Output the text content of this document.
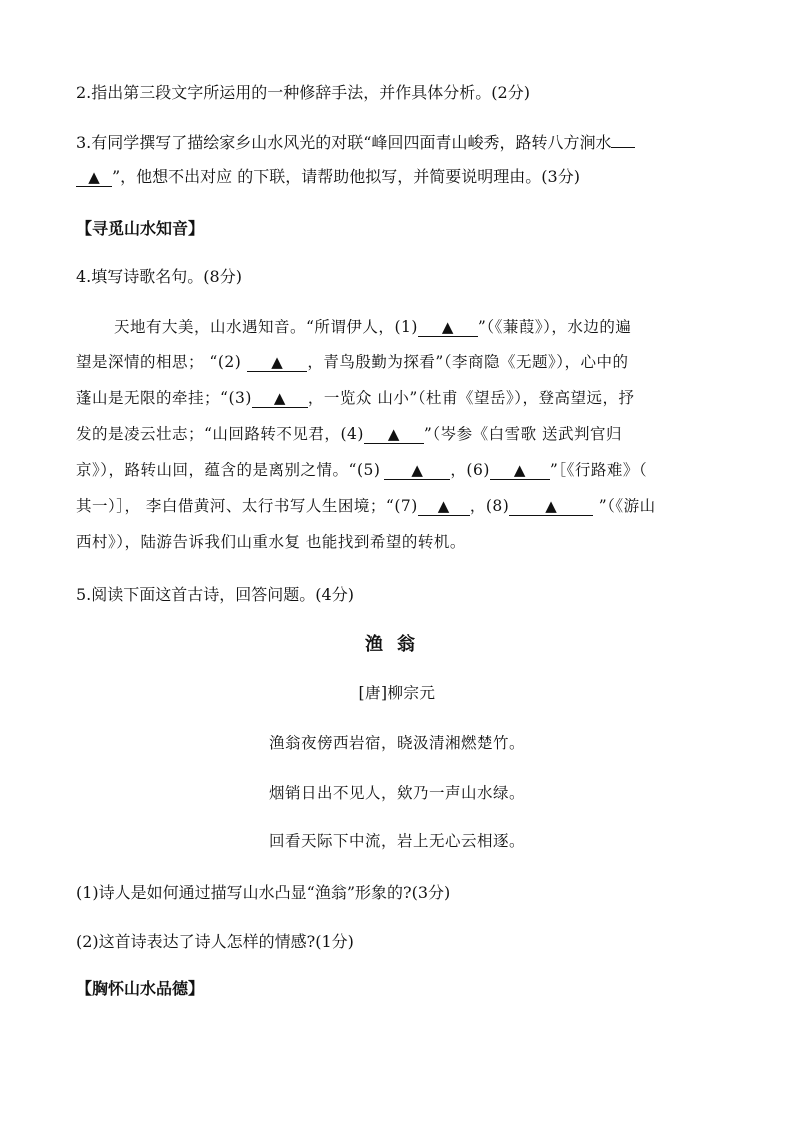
2.指出第三段文字所运用的一种修辞手法，并作具体分析。(2分)
3.有同学撰写了描绘家乡山水风光的对联“峰回四面青山峻秀，路转八方涧水
▲ ”，他想不出对应 的下联，请帮助他拟写，并简要说明理由。(3分)
【寻觅山水知音】
4.填写诗歌名句。(8分)
天地有大美，山水遇知音。“所谓伊人，(1) ▲ ”（《蒹葭》），水边的遍
望是深情的相思； “(2) ▲ ，青鸟殷勤为探看”（李商隐《无题》），心中的
蓬山是无限的牵挂；“(3) ▲ ，一览众 山小”（杜甫《望岳》），登高望远，抒
发的是凌云壮志；“山回路转不见君，(4) ▲ ”（岑参《白雪歌 送武判官归
京》），路转山回，蕴含的是离别之情。“(5) ▲ ，(6) ▲ ”［《行路难》（
其一）］， 李白借黄河、太行书写人生困境；“(7) ▲ ，(8) ▲ ”（《游山
西村》），陆游告诉我们山重水复 也能找到希望的转机。
5.阅读下面这首古诗，回答问题。(4分)
渔翁
[唐]柳宗元
渔翁夜傍西岩宿，晓汲清湘燃楚竹。
烟销日出不见人，欸乃一声山水绿。
回看天际下中流，岩上无心云相逐。
(1)诗人是如何通过描写山水凸显“渔翁”形象的?(3分)
(2)这首诗表达了诗人怎样的情感?(1分)
【胸怀山水品德】
